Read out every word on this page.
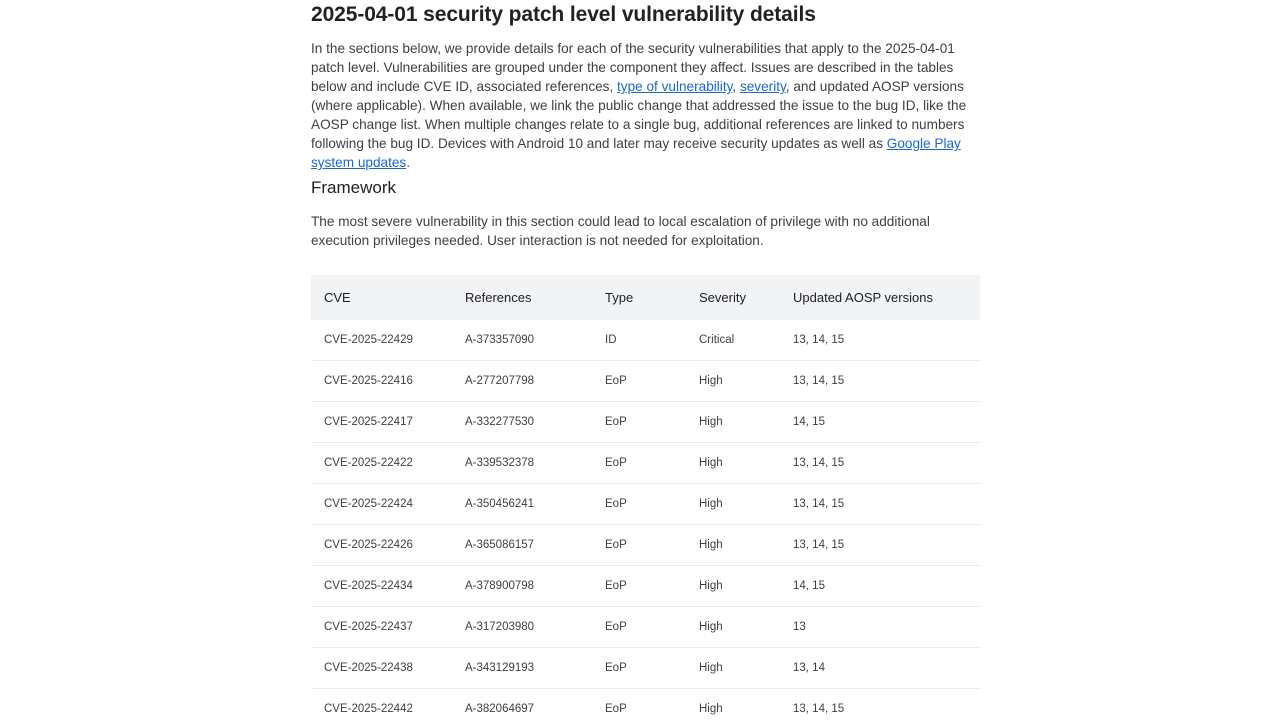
2025-04-01 security patch level vulnerability details

In the sections below, we provide details for each of the security vulnerabilities that apply to the 2025-04-01 patch level. Vulnerabilities are grouped under the component they affect. Issues are described in the tables below and include CVE ID, associated references, type of vulnerability, severity, and updated AOSP versions (where applicable). When available, we link the public change that addressed the issue to the bug ID, like the AOSP change list. When multiple changes relate to a single bug, additional references are linked to numbers following the bug ID. Devices with Android 10 and later may receive security updates as well as Google Play system updates.

Framework

The most severe vulnerability in this section could lead to local escalation of privilege with no additional execution privileges needed. User interaction is not needed for exploitation.

CVE	References	Type	Severity	Updated AOSP versions
CVE-2025-22429	A-373357090	ID	Critical	13, 14, 15
CVE-2025-22416	A-277207798	EoP	High	13, 14, 15
CVE-2025-22417	A-332277530	EoP	High	14, 15
CVE-2025-22422	A-339532378	EoP	High	13, 14, 15
CVE-2025-22424	A-350456241	EoP	High	13, 14, 15
CVE-2025-22426	A-365086157	EoP	High	13, 14, 15
CVE-2025-22434	A-378900798	EoP	High	14, 15
CVE-2025-22437	A-317203980	EoP	High	13
CVE-2025-22438	A-343129193	EoP	High	13, 14
CVE-2025-22442	A-382064697	EoP	High	13, 14, 15
